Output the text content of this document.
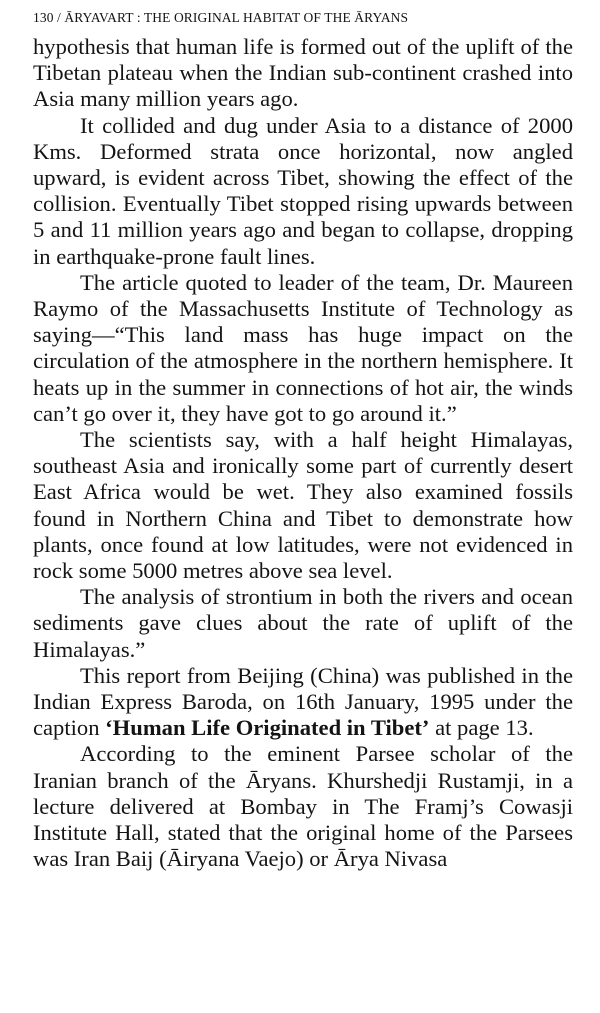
130 / ĀRYAVART : THE ORIGINAL HABITAT OF THE ĀRYANS

hypothesis that human life is formed out of the uplift of the Tibetan plateau when the Indian sub-continent crashed into Asia many million years ago.

It collided and dug under Asia to a distance of 2000 Kms. Deformed strata once horizontal, now angled upward, is evident across Tibet, showing the effect of the collision. Eventually Tibet stopped rising upwards between 5 and 11 million years ago and began to collapse, dropping in earthquake-prone fault lines.

The article quoted to leader of the team, Dr. Maureen Raymo of the Massachusetts Institute of Technology as saying—“This land mass has huge impact on the circulation of the atmosphere in the northern hemisphere. It heats up in the summer in connections of hot air, the winds can’t go over it, they have got to go around it.”

The scientists say, with a half height Himalayas, southeast Asia and ironically some part of currently desert East Africa would be wet. They also examined fossils found in Northern China and Tibet to demonstrate how plants, once found at low latitudes, were not evidenced in rock some 5000 metres above sea level.

The analysis of strontium in both the rivers and ocean sediments gave clues about the rate of uplift of the Himalayas.”

This report from Beijing (China) was published in the Indian Express Baroda, on 16th January, 1995 under the caption ‘Human Life Originated in Tibet’ at page 13.

According to the eminent Parsee scholar of the Iranian branch of the Āryans. Khurshedji Rustamji, in a lecture delivered at Bombay in The Framj’s Cowasji Institute Hall, stated that the original home of the Parsees was Iran Baij (Āiryana Vaejo) or Ārya Nivasa
